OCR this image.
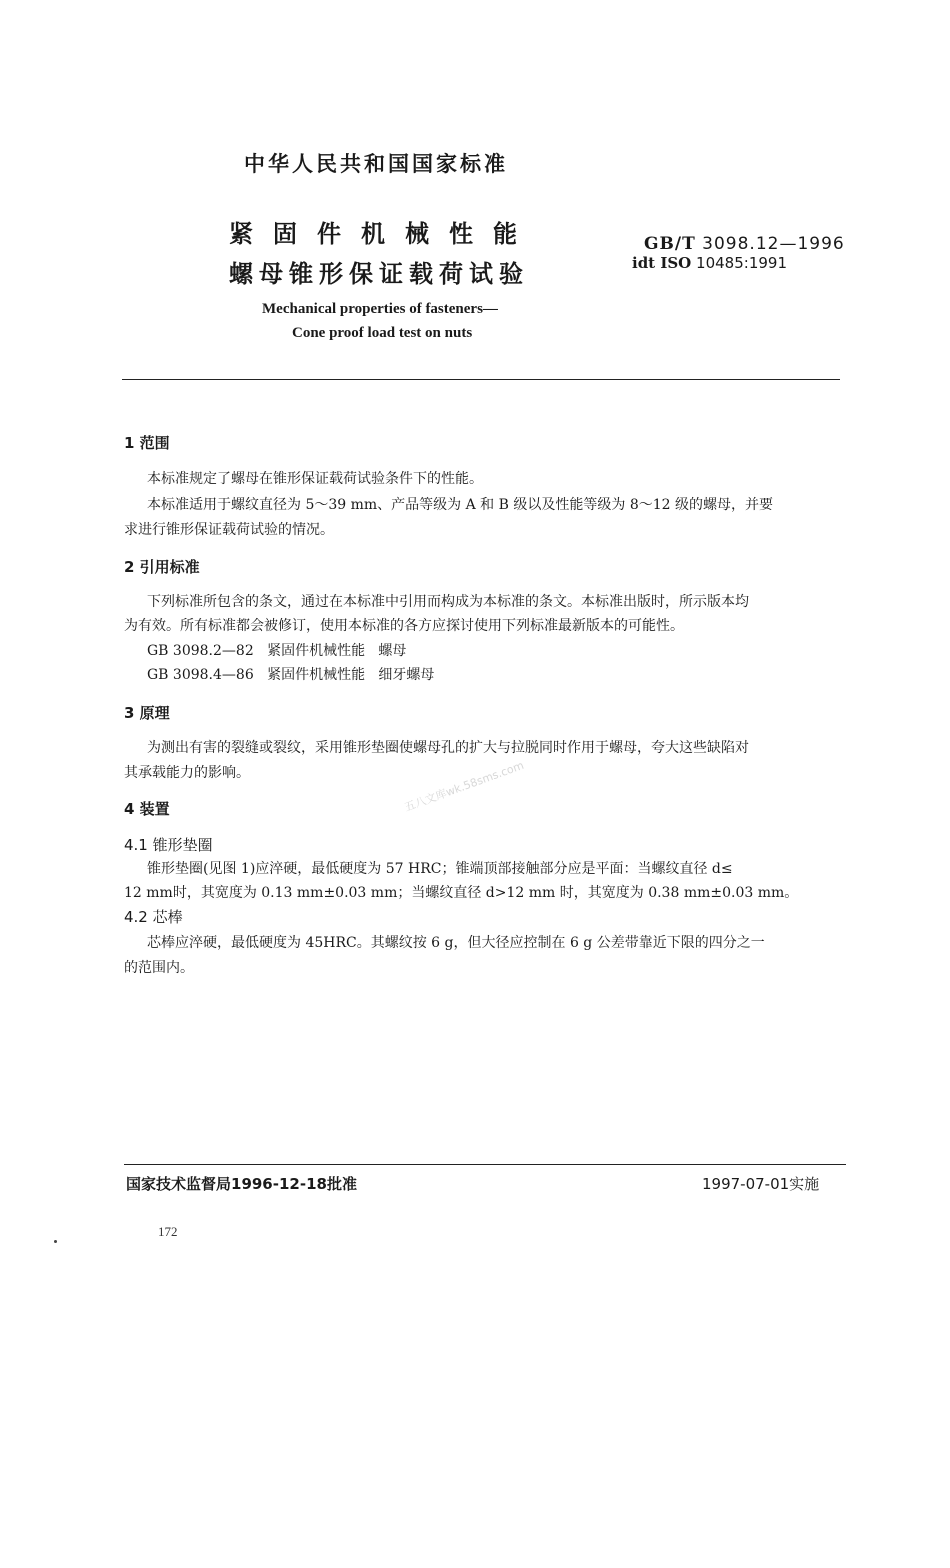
中华人民共和国国家标准
紧固件机械性能
螺母锥形保证载荷试验
GB/T 3098.12—1996
idt ISO 10485:1991
Mechanical properties of fasteners—
Cone proof load test on nuts
1 范围
本标准规定了螺母在锥形保证载荷试验条件下的性能。
本标准适用于螺纹直径为 5～39 mm、产品等级为 A 和 B 级以及性能等级为 8～12 级的螺母，并要
求进行锥形保证载荷试验的情况。
2 引用标准
下列标准所包含的条文，通过在本标准中引用而构成为本标准的条文。本标准出版时，所示版本均
为有效。所有标准都会被修订，使用本标准的各方应探讨使用下列标准最新版本的可能性。
GB 3098.2—82   紧固件机械性能   螺母
GB 3098.4—86   紧固件机械性能   细牙螺母
3 原理
为测出有害的裂缝或裂纹，采用锥形垫圈使螺母孔的扩大与拉脱同时作用于螺母，夸大这些缺陷对
其承载能力的影响。	五八文库wk.58sms.com
4 装置
4.1 锥形垫圈
锥形垫圈(见图 1)应淬硬，最低硬度为 57 HRC；锥端顶部接触部分应是平面：当螺纹直径 d≤
12 mm时，其宽度为 0.13 mm±0.03 mm；当螺纹直径 d>12 mm 时，其宽度为 0.38 mm±0.03 mm。
4.2 芯棒
芯棒应淬硬，最低硬度为 45HRC。其螺纹按 6 g，但大径应控制在 6 g 公差带靠近下限的四分之一
的范围内。
国家技术监督局1996-12-18批准	1997-07-01实施
172
